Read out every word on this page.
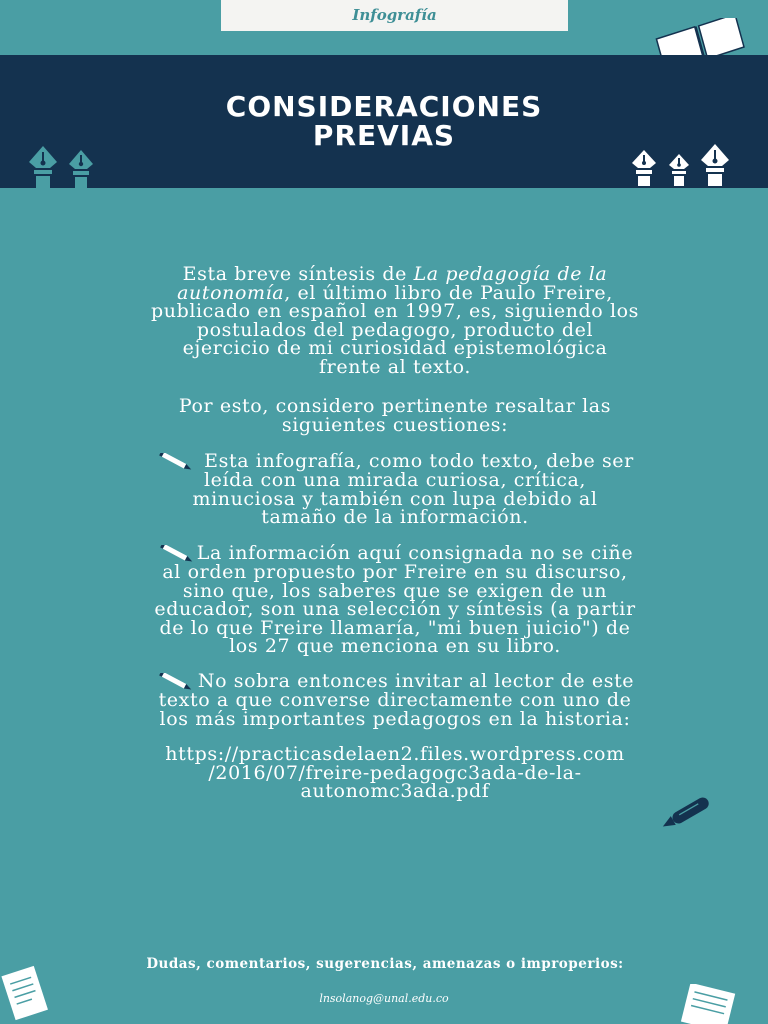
Infografía
CONSIDERACIONES
PREVIAS
Esta breve síntesis de La pedagogía de la
autonomía, el último libro de Paulo Freire,
publicado en español en 1997, es, siguiendo los
postulados del pedagogo, producto del
ejercicio de mi curiosidad epistemológica
frente al texto.
Por esto, considero pertinente resaltar las
siguientes cuestiones:
Esta infografía, como todo texto, debe ser
leída con una mirada curiosa, crítica,
minuciosa y también con lupa debido al
tamaño de la información.
La información aquí consignada no se ciñe
al orden propuesto por Freire en su discurso,
sino que, los saberes que se exigen de un
educador, son una selección y síntesis (a partir
de lo que Freire llamaría, "mi buen juicio") de
los 27 que menciona en su libro.
No sobra entonces invitar al lector de este
texto a que converse directamente con uno de
los más importantes pedagogos en la historia:
https://practicasdelaen2.files.wordpress.com
/2016/07/freire-pedagogc3ada-de-la-
autonomc3ada.pdf
Dudas, comentarios, sugerencias, amenazas o improperios:
lnsolanog@unal.edu.co
